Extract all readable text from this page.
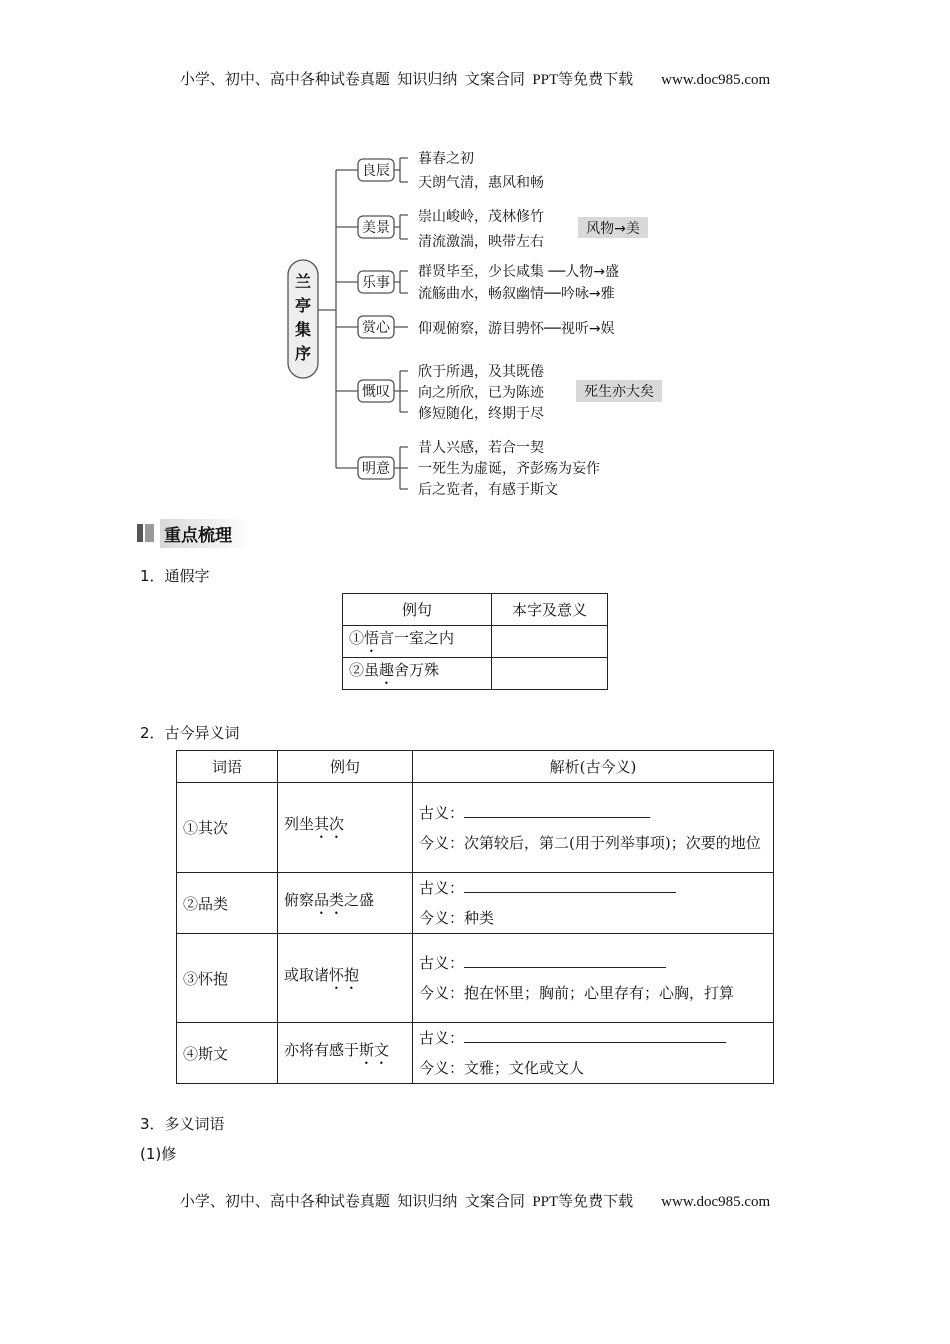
小学、初中、高中各种试卷真题  知识归纳  文案合同  PPT等免费下载 www.doc985.com
兰
亭
集
序
良辰
美景
乐事
赏心
慨叹
明意
暮春之初
天朗气清，惠风和畅
崇山峻岭，茂林修竹
清流激湍，映带左右
群贤毕至，少长咸集 ──人物→盛
流觞曲水，畅叙幽情──吟咏→雅
仰观俯察，游目骋怀──视听→娱
欣于所遇，及其既倦
向之所欣，已为陈迹
修短随化，终期于尽
昔人兴感，若合一契
一死生为虚诞，齐彭殇为妄作
后之览者，有感于斯文
风物→美
死生亦大矣
重点梳理
1．通假字
例句	本字及意义
①悟言一室之内	
②虽趣舍万殊	
2．古今异义词
词语	例句	解析(古今义)
①其次	列坐其次	古义：
今义：次第较后，第二(用于列举事项)；次要的地位

②品类	俯察品类之盛	古义：
今义：种类

③怀抱	或取诸怀抱	古义：
今义：抱在怀里；胸前；心里存有；心胸，打算

④斯文	亦将有感于斯文	古义：
今义：文雅；文化或文人
3．多义词语
(1)修
小学、初中、高中各种试卷真题  知识归纳  文案合同  PPT等免费下载 www.doc985.com
